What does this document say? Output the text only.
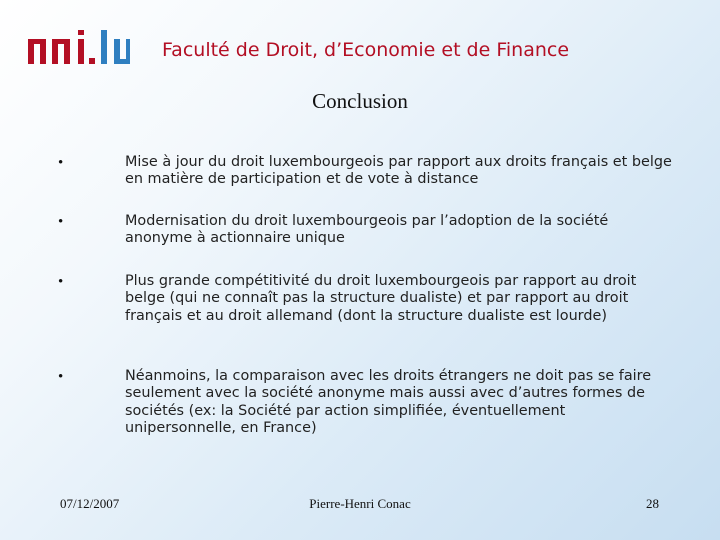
Faculté de Droit, d’Economie et de Finance
Conclusion
•	Mise à jour du droit luxembourgeois par rapport aux droits français et belge en matière de participation et de vote à distance
•	Modernisation du droit luxembourgeois par l’adoption de la société anonyme à actionnaire unique
•	Plus grande compétitivité du droit luxembourgeois par rapport au droit belge (qui ne connaît pas la structure dualiste) et par rapport au droit français et au droit allemand (dont la structure dualiste est lourde)
•	Néanmoins, la comparaison avec les droits étrangers ne doit pas se faire seulement avec la société anonyme mais aussi avec d’autres formes de sociétés (ex: la Société par action simplifiée, éventuellement unipersonnelle, en France)
07/12/2007	Pierre-Henri Conac	28
